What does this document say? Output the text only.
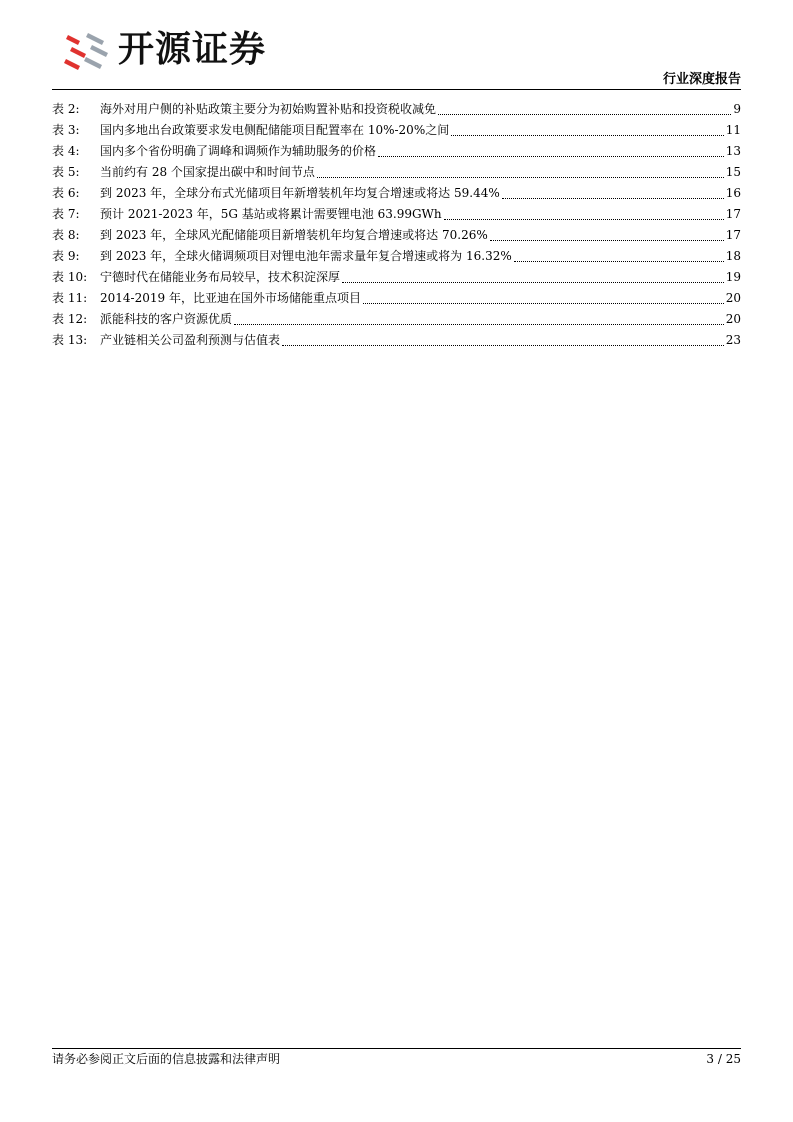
开源证券
行业深度报告
表 2:	海外对用户侧的补贴政策主要分为初始购置补贴和投资税收减免	9
表 3:	国内多地出台政策要求发电侧配储能项目配置率在 10%-20%之间	11
表 4:	国内多个省份明确了调峰和调频作为辅助服务的价格	13
表 5:	当前约有 28 个国家提出碳中和时间节点	15
表 6:	到 2023 年，全球分布式光储项目年新增装机年均复合增速或将达 59.44%	16
表 7:	预计 2021-2023 年，5G 基站或将累计需要锂电池 63.99GWh	17
表 8:	到 2023 年，全球风光配储能项目新增装机年均复合增速或将达 70.26%	17
表 9:	到 2023 年，全球火储调频项目对锂电池年需求量年复合增速或将为 16.32%	18
表 10:	宁德时代在储能业务布局较早，技术积淀深厚	19
表 11:	2014-2019 年，比亚迪在国外市场储能重点项目	20
表 12:	派能科技的客户资源优质	20
表 13:	产业链相关公司盈利预测与估值表	23
请务必参阅正文后面的信息披露和法律声明	3 / 25
